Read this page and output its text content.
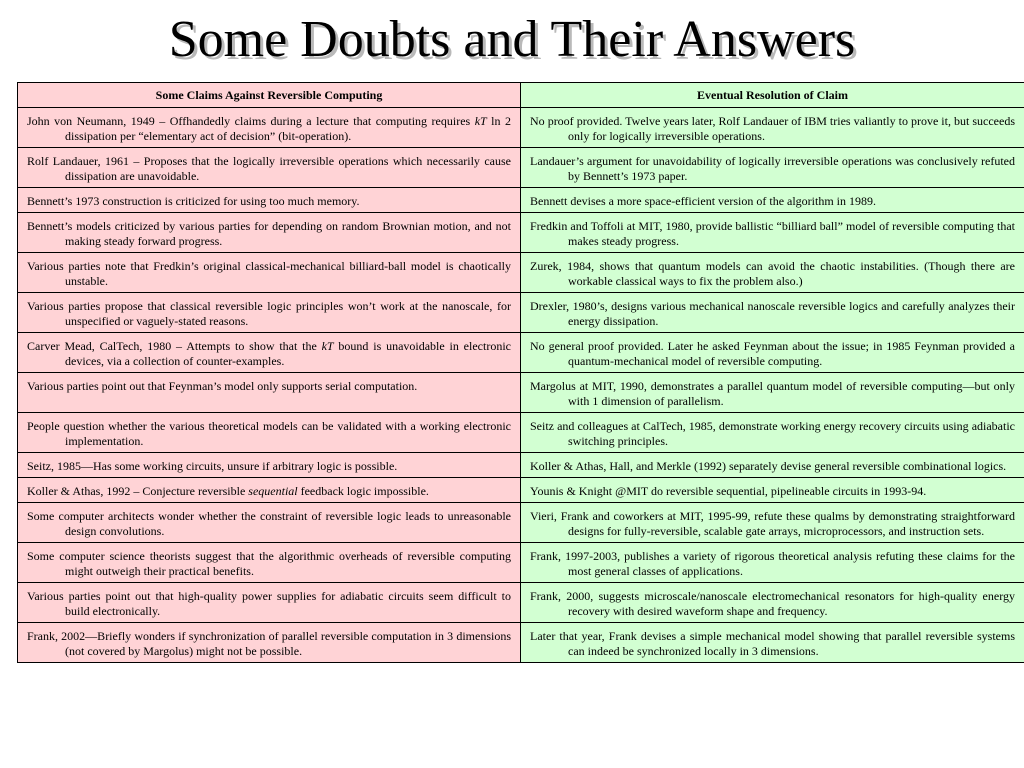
Some Doubts and Their Answers
Some Claims Against Reversible Computing	Eventual Resolution of Claim

John von Neumann, 1949 – Offhandedly claims during a lecture that computing requires kT ln 2 dissipation per “elementary act of decision” (bit-operation).	No proof provided. Twelve years later, Rolf Landauer of IBM tries valiantly to prove it, but succeeds only for logically irreversible operations.

Rolf Landauer, 1961 – Proposes that the logically irreversible operations which necessarily cause dissipation are unavoidable.	Landauer’s argument for unavoidability of logically irreversible operations was conclusively refuted by Bennett’s 1973 paper.

Bennett’s 1973 construction is criticized for using too much memory.	Bennett devises a more space-efficient version of the algorithm in 1989.

Bennett’s models criticized by various parties for depending on random Brownian motion, and not making steady forward progress.	Fredkin and Toffoli at MIT, 1980, provide ballistic “billiard ball” model of reversible computing that makes steady progress.

Various parties note that Fredkin’s original classical-mechanical billiard-ball model is chaotically unstable.	Zurek, 1984, shows that quantum models can avoid the chaotic instabilities. (Though there are workable classical ways to fix the problem also.)

Various parties propose that classical reversible logic principles won’t work at the nanoscale, for unspecified or vaguely-stated reasons.	Drexler, 1980’s, designs various mechanical nanoscale reversible logics and carefully analyzes their energy dissipation.

Carver Mead, CalTech, 1980 – Attempts to show that the kT bound is unavoidable in electronic devices, via a collection of counter-examples.	No general proof provided. Later he asked Feynman about the issue; in 1985 Feynman provided a quantum-mechanical model of reversible computing.

Various parties point out that Feynman’s model only supports serial computation.	Margolus at MIT, 1990, demonstrates a parallel quantum model of reversible computing—but only with 1 dimension of parallelism.

People question whether the various theoretical models can be validated with a working electronic implementation.	Seitz and colleagues at CalTech, 1985, demonstrate working energy recovery circuits using adiabatic switching principles.

Seitz, 1985—Has some working circuits, unsure if arbitrary logic is possible.	Koller & Athas, Hall, and Merkle (1992) separately devise general reversible combinational logics.

Koller & Athas, 1992 – Conjecture reversible sequential feedback logic impossible.	Younis & Knight @MIT do reversible sequential, pipelineable circuits in 1993-94.

Some computer architects wonder whether the constraint of reversible logic leads to unreasonable design convolutions.	Vieri, Frank and coworkers at MIT, 1995-99, refute these qualms by demonstrating straightforward designs for fully-reversible, scalable gate arrays, microprocessors, and instruction sets.

Some computer science theorists suggest that the algorithmic overheads of reversible computing might outweigh their practical benefits.	Frank, 1997-2003, publishes a variety of rigorous theoretical analysis refuting these claims for the most general classes of applications.

Various parties point out that high-quality power supplies for adiabatic circuits seem difficult to build electronically.	Frank, 2000, suggests microscale/nanoscale electromechanical resonators for high-quality energy recovery with desired waveform shape and frequency.

Frank, 2002—Briefly wonders if synchronization of parallel reversible computation in 3 dimensions (not covered by Margolus) might not be possible.	Later that year, Frank devises a simple mechanical model showing that parallel reversible systems can indeed be synchronized locally in 3 dimensions.
